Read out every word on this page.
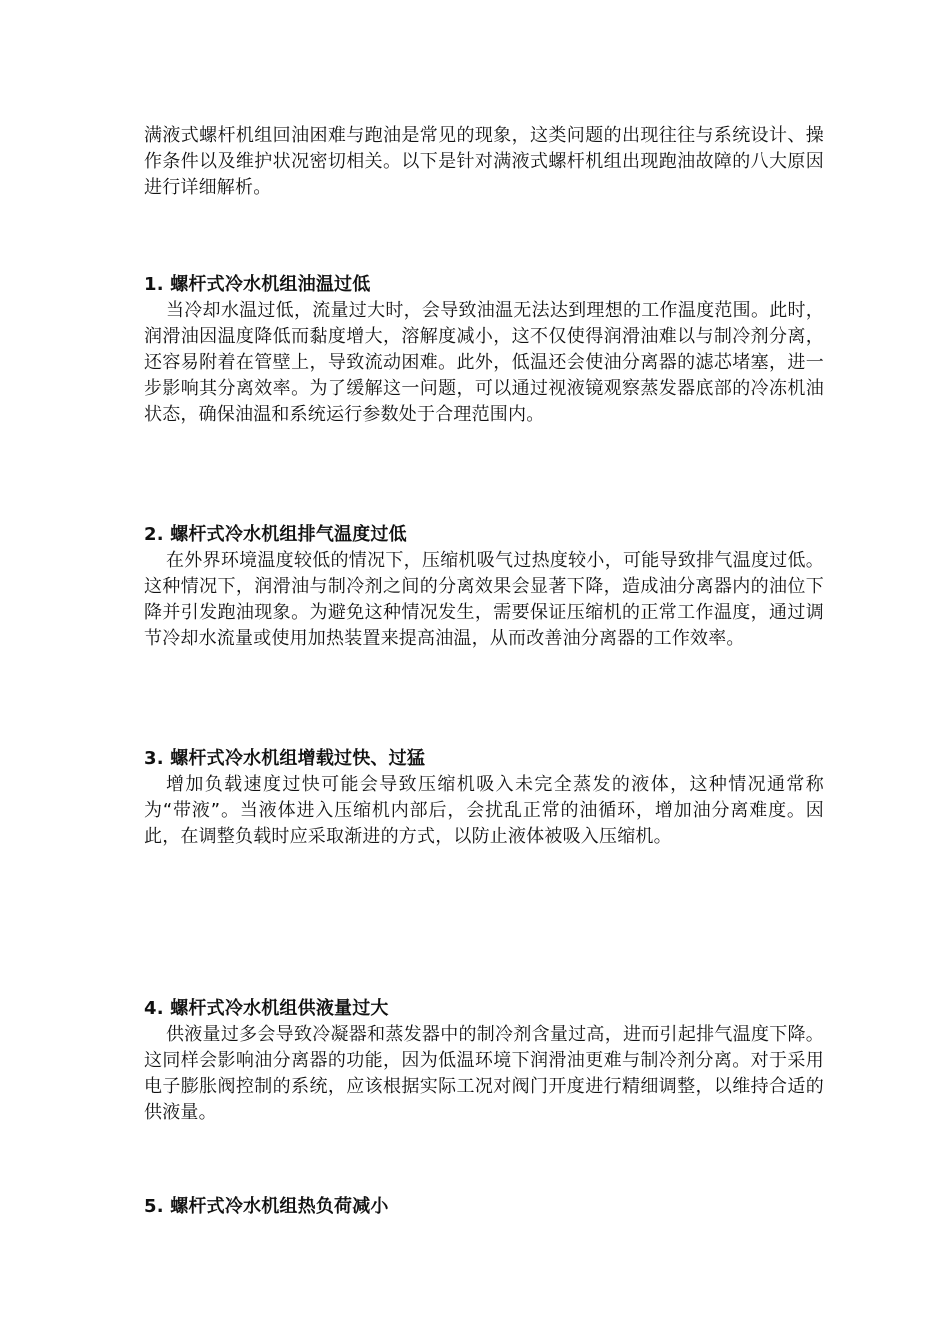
满液式螺杆机组回油困难与跑油是常见的现象，这类问题的出现往往与系统设计、操作条件以及维护状况密切相关。以下是针对满液式螺杆机组出现跑油故障的八大原因进行详细解析。

1. 螺杆式冷水机组油温过低

当冷却水温过低，流量过大时，会导致油温无法达到理想的工作温度范围。此时，润滑油因温度降低而黏度增大，溶解度减小，这不仅使得润滑油难以与制冷剂分离，还容易附着在管壁上，导致流动困难。此外，低温还会使油分离器的滤芯堵塞，进一步影响其分离效率。为了缓解这一问题，可以通过视液镜观察蒸发器底部的冷冻机油状态，确保油温和系统运行参数处于合理范围内。

2. 螺杆式冷水机组排气温度过低

在外界环境温度较低的情况下，压缩机吸气过热度较小，可能导致排气温度过低。这种情况下，润滑油与制冷剂之间的分离效果会显著下降，造成油分离器内的油位下降并引发跑油现象。为避免这种情况发生，需要保证压缩机的正常工作温度，通过调节冷却水流量或使用加热装置来提高油温，从而改善油分离器的工作效率。

3. 螺杆式冷水机组增载过快、过猛

增加负载速度过快可能会导致压缩机吸入未完全蒸发的液体，这种情况通常称为“带液”。当液体进入压缩机内部后，会扰乱正常的油循环，增加油分离难度。因此，在调整负载时应采取渐进的方式，以防止液体被吸入压缩机。

4. 螺杆式冷水机组供液量过大

供液量过多会导致冷凝器和蒸发器中的制冷剂含量过高，进而引起排气温度下降。这同样会影响油分离器的功能，因为低温环境下润滑油更难与制冷剂分离。对于采用电子膨胀阀控制的系统，应该根据实际工况对阀门开度进行精细调整，以维持合适的供液量。

5. 螺杆式冷水机组热负荷减小
